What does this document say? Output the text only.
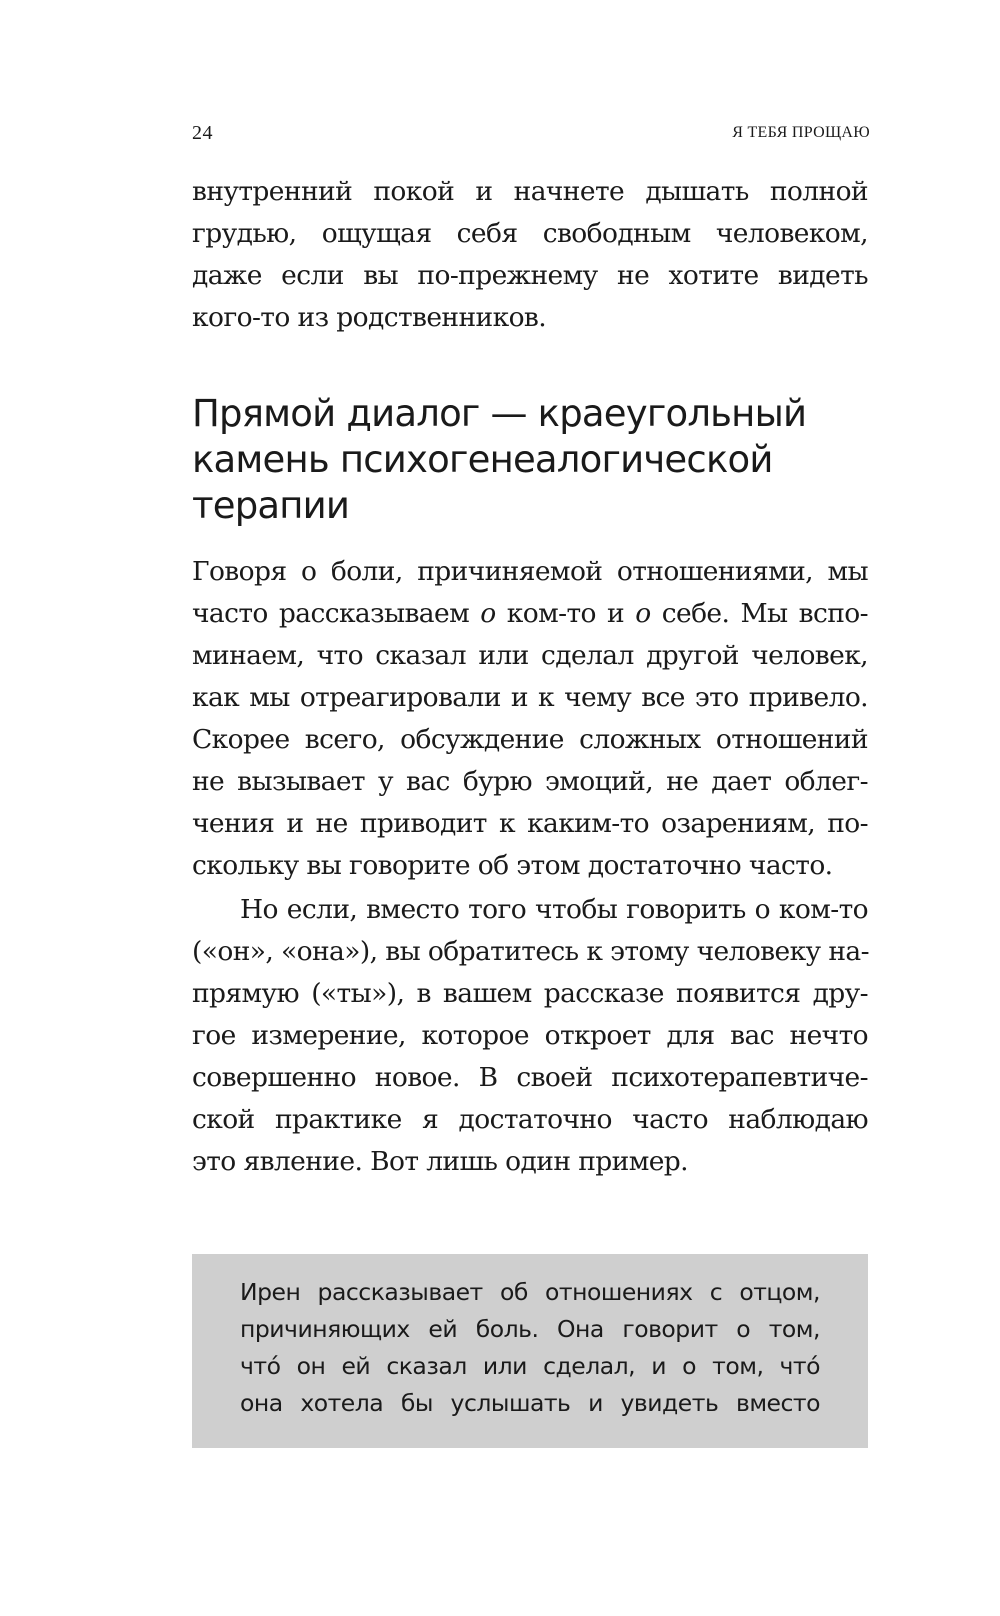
24	Я ТЕБЯ ПРОЩАЮ
внутренний покой и начнете дышать полной
грудью, ощущая себя свободным человеком,
даже если вы по-прежнему не хотите видеть
кого-то из родственников.
Прямой диалог — краеугольный
камень психогенеалогической
терапии
Говоря о боли, причиняемой отношениями, мы
часто рассказываем о ком-то и о себе. Мы вспо-
минаем, что сказал или сделал другой человек,
как мы отреагировали и к чему все это привело.
Скорее всего, обсуждение сложных отношений
не вызывает у вас бурю эмоций, не дает облег-
чения и не приводит к каким-то озарениям, по-
скольку вы говорите об этом достаточно часто.
Но если, вместо того чтобы говорить о ком-то
(«он», «она»), вы обратитесь к этому человеку на-
прямую («ты»), в вашем рассказе появится дру-
гое измерение, которое откроет для вас нечто
совершенно новое. В своей психотерапевтиче-
ской практике я достаточно часто наблюдаю
это явление. Вот лишь один пример.
Ирен рассказывает об отношениях с отцом,
причиняющих ей боль. Она говорит о том,
чтó он ей сказал или сделал, и о том, чтó
она хотела бы услышать и увидеть вместо
